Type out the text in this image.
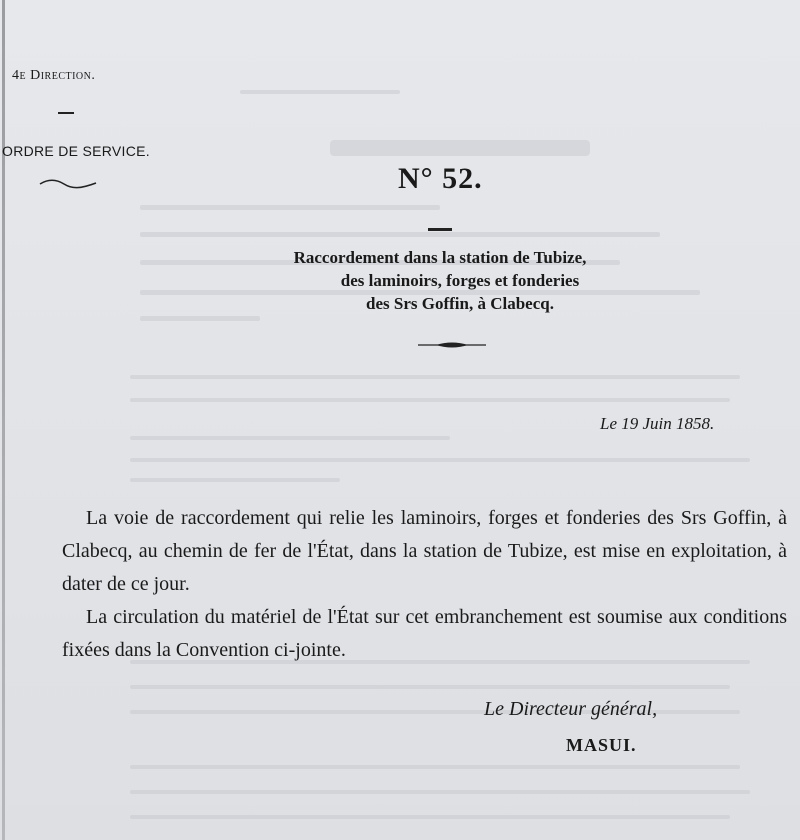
4e Direction.
ORDRE DE SERVICE.
N° 52.
Raccordement dans la station de Tubize,
des laminoirs, forges et fonderies
des Srs Goffin, à Clabecq.
Le 19 Juin 1858.

La voie de raccordement qui relie les laminoirs, forges et fonderies des Srs Goffin, à Clabecq, au chemin de fer de l'État, dans la station de Tubize, est mise en exploitation, à dater de ce jour.

La circulation du matériel de l'État sur cet embranchement est soumise aux conditions fixées dans la Convention ci-jointe.

Le Directeur général,
MASUI.
